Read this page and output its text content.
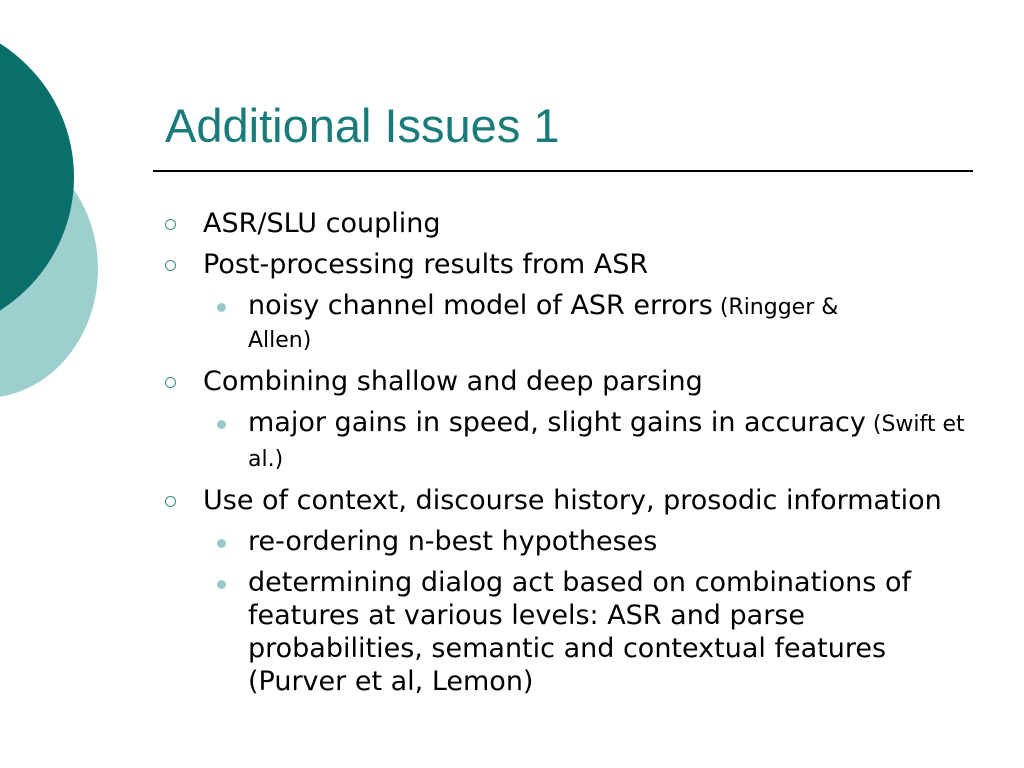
Additional Issues 1
ASR/SLU coupling
Post-processing results from ASR
noisy channel model of ASR errors (Ringger &
Allen)
Combining shallow and deep parsing
major gains in speed, slight gains in accuracy (Swift et al.)
Use of context, discourse history, prosodic information
re-ordering n-best hypotheses
determining dialog act based on combinations of features at various levels: ASR and parse probabilities, semantic and contextual features (Purver et al, Lemon)
